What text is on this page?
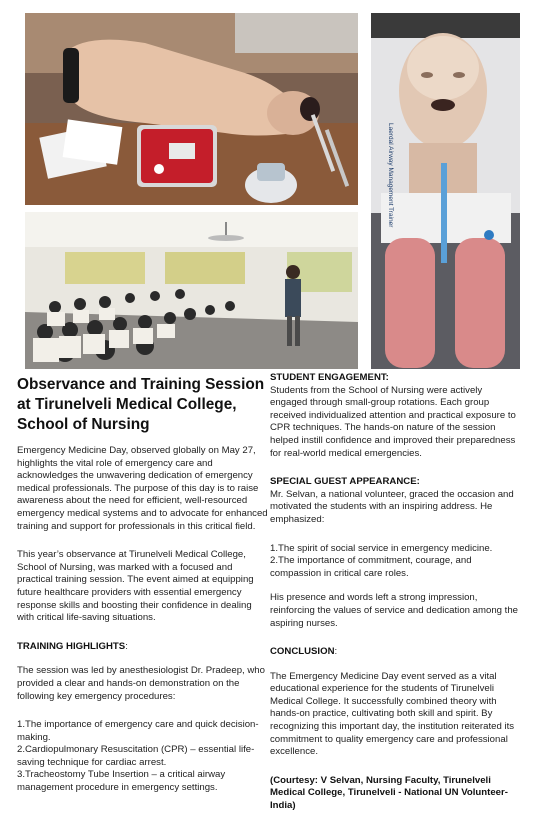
Laerdal Airway Management Trainer
Observance and Training Session at Tirunelveli Medical College, School of Nursing
Emergency Medicine Day, observed globally on May 27, highlights the vital role of emergency care and acknowledges the unwavering dedication of emergency medical professionals. The purpose of this day is to raise awareness about the need for efficient, well-resourced emergency medical systems and to advocate for enhanced training and support for professionals in this critical field.
This year’s observance at Tirunelveli Medical College, School of Nursing, was marked with a focused and practical training session. The event aimed at equipping future healthcare providers with essential emergency response skills and boosting their confidence in dealing with critical life-saving situations.
TRAINING HIGHLIGHTS:
The session was led by anesthesiologist Dr. Pradeep, who provided a clear and hands-on demonstration on the following key emergency procedures:
1.The importance of emergency care and quick decision-making.
2.Cardiopulmonary Resuscitation (CPR) – essential life-saving technique for cardiac arrest.
3.Tracheostomy Tube Insertion – a critical airway management procedure in emergency settings.
STUDENT ENGAGEMENT:
Students from the School of Nursing were actively engaged through small-group rotations. Each group received individualized attention and practical exposure to CPR techniques. The hands-on nature of the session helped instill confidence and improved their preparedness for real-world medical emergencies.
SPECIAL GUEST APPEARANCE:
Mr. Selvan, a national volunteer, graced the occasion and motivated the students with an inspiring address. He emphasized:
1.The spirit of social service in emergency medicine.
2.The importance of commitment, courage, and compassion in critical care roles.
His presence and words left a strong impression, reinforcing the values of service and dedication among the aspiring nurses.
CONCLUSION:
The Emergency Medicine Day event served as a vital educational experience for the students of Tirunelveli Medical College. It successfully combined theory with hands-on practice, cultivating both skill and spirit. By recognizing this important day, the institution reiterated its commitment to quality emergency care and professional excellence.
(Courtesy: V Selvan, Nursing Faculty, Tirunelveli Medical College, Tirunelveli - National UN Volunteer-India)
